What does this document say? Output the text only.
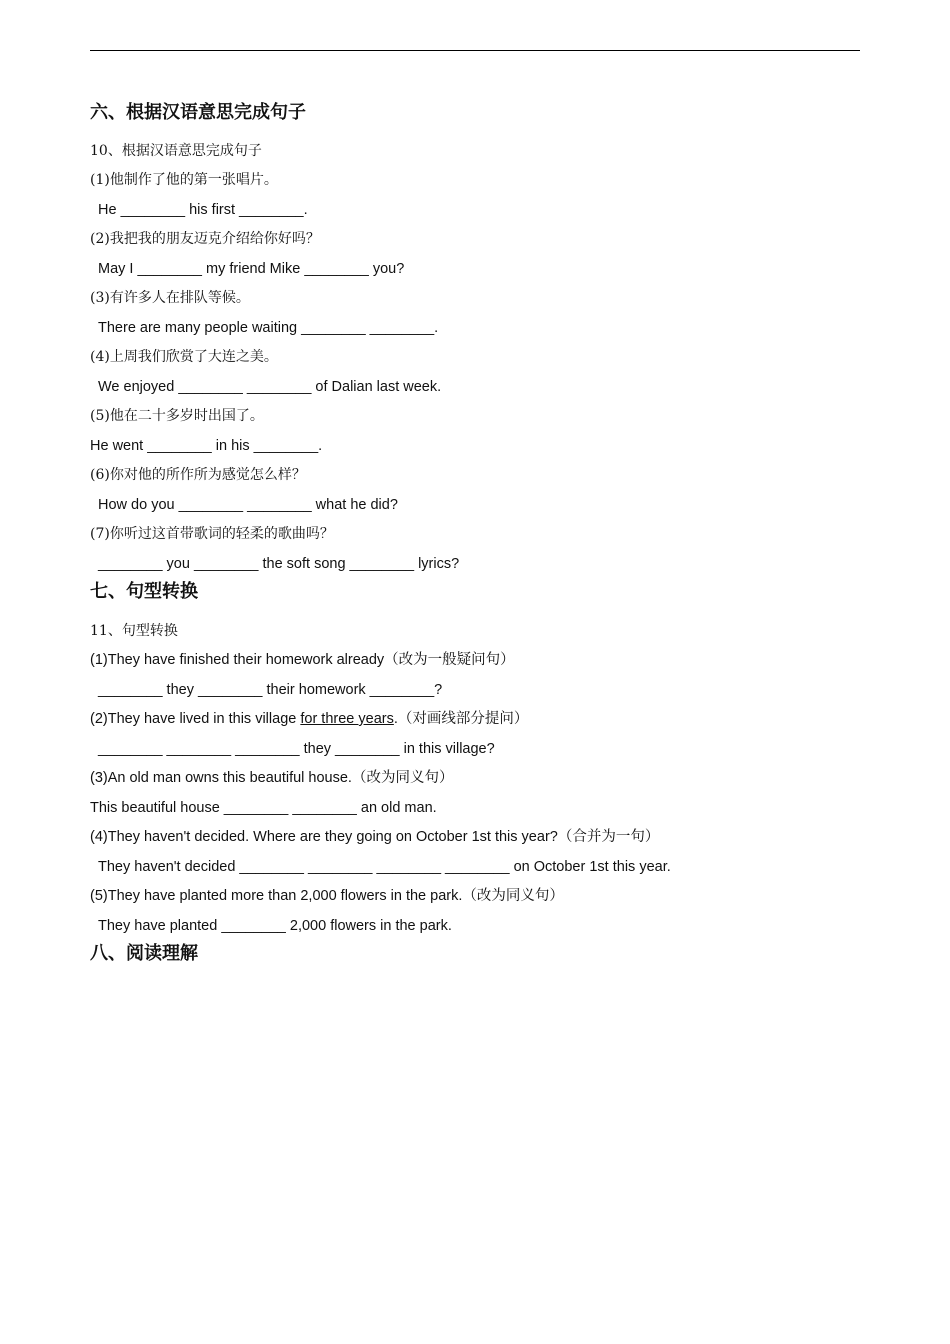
六、根据汉语意思完成句子
10、根据汉语意思完成句子
(1)他制作了他的第一张唱片。
He ________ his first ________.
(2)我把我的朋友迈克介绍给你好吗？
May I ________ my friend Mike ________ you?
(3)有许多人在排队等候。
There are many people waiting ________ ________.
(4)上周我们欣赏了大连之美。
We enjoyed ________ ________ of Dalian last week.
(5)他在二十多岁时出国了。
He went ________ in his ________.
(6)你对他的所作所为感觉怎么样？
How do you ________ ________ what he did?
(7)你听过这首带歌词的轻柔的歌曲吗？
________ you ________ the soft song ________ lyrics?
七、句型转换
11、句型转换
(1)They have finished their homework already（改为一般疑问句）
________ they ________ their homework ________?
(2)They have lived in this village for three years.（对画线部分提问）
________ ________ ________ they ________ in this village?
(3)An old man owns this beautiful house.（改为同义句）
This beautiful house ________ ________ an old man.
(4)They haven't decided. Where are they going on October 1st this year?（合并为一句）
They haven't decided ________ ________ ________ ________ on October 1st this year.
(5)They have planted more than 2,000 flowers in the park.（改为同义句）
They have planted ________ 2,000 flowers in the park.
八、阅读理解
